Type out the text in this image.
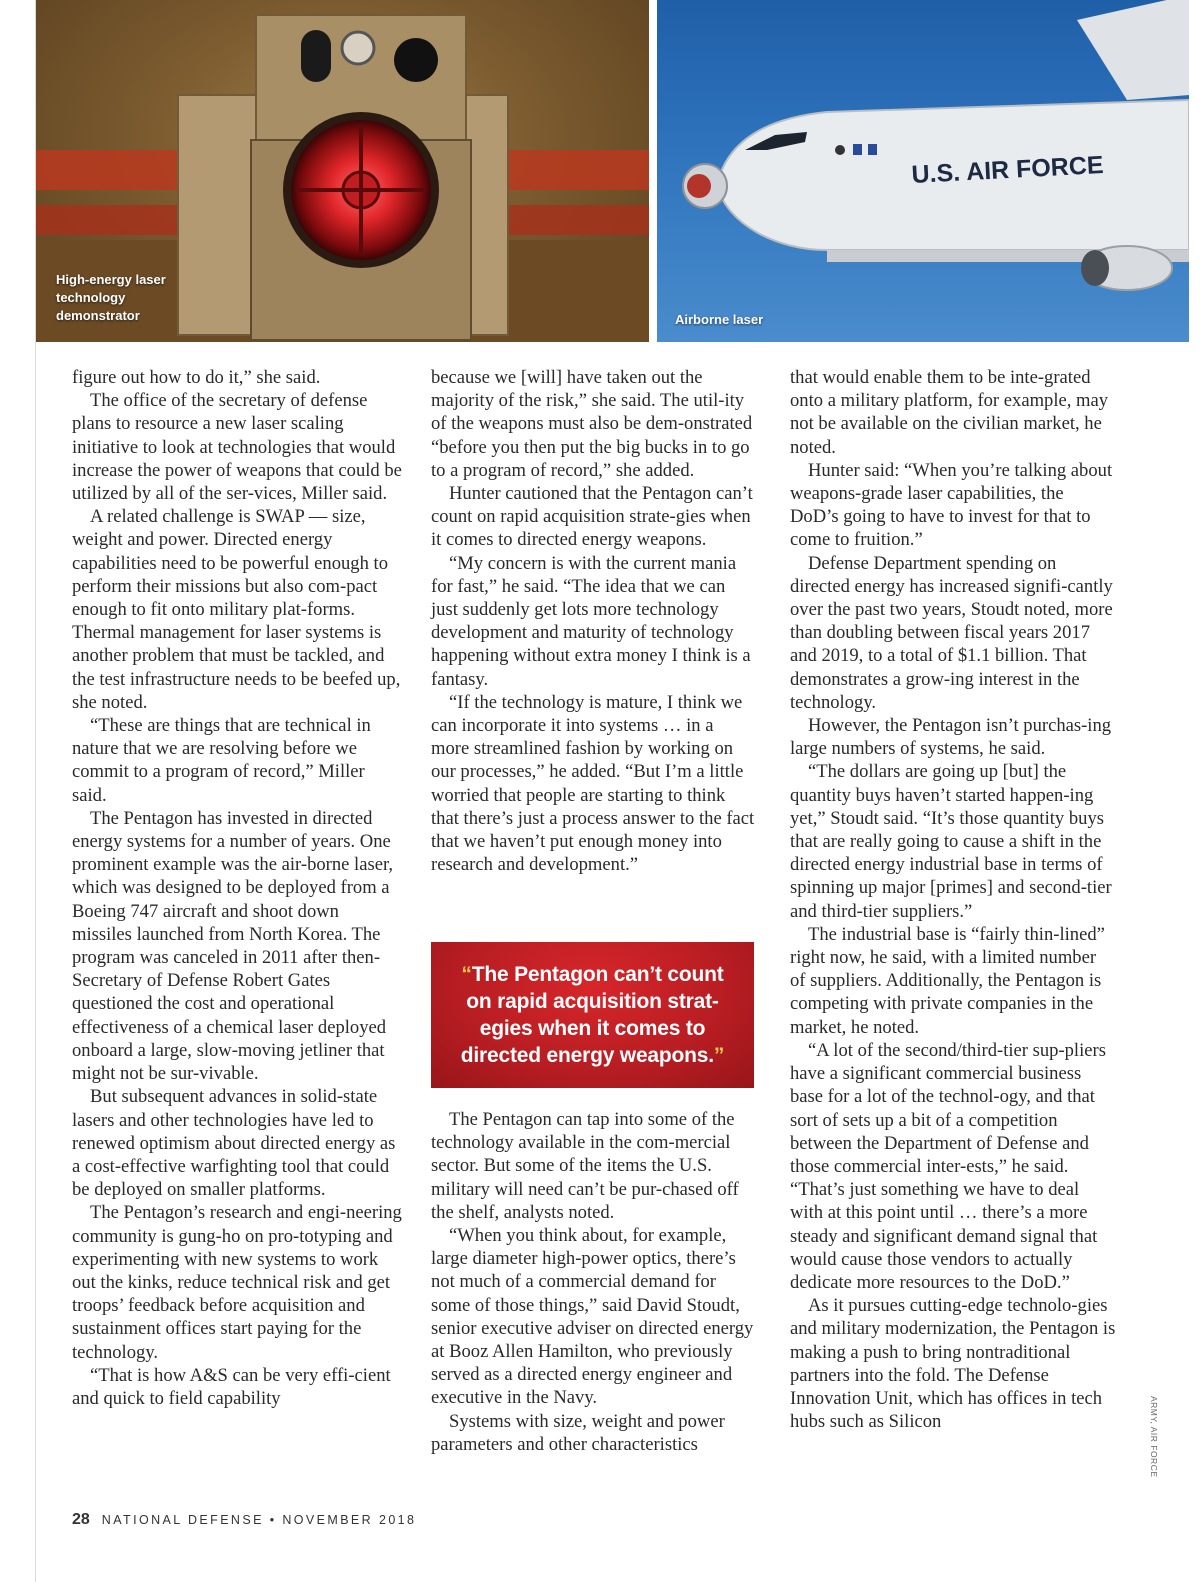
High-energy laser technology demonstrator
U.S. AIR FORCE
Airborne laser

figure out how to do it,” she said.

The office of the secretary of defense plans to resource a new laser scaling initiative to look at technologies that would increase the power of weapons that could be utilized by all of the ser-vices, Miller said.

A related challenge is SWAP — size, weight and power. Directed energy capabilities need to be powerful enough to perform their missions but also com-pact enough to fit onto military plat-forms. Thermal management for laser systems is another problem that must be tackled, and the test infrastructure needs to be beefed up, she noted.

“These are things that are technical in nature that we are resolving before we commit to a program of record,” Miller said.

The Pentagon has invested in directed energy systems for a number of years. One prominent example was the air-borne laser, which was designed to be deployed from a Boeing 747 aircraft and shoot down missiles launched from North Korea. The program was canceled in 2011 after then-Secretary of Defense Robert Gates questioned the cost and operational effectiveness of a chemical laser deployed onboard a large, slow-moving jetliner that might not be sur-vivable.

But subsequent advances in solid-state lasers and other technologies have led to renewed optimism about directed energy as a cost-effective warfighting tool that could be deployed on smaller platforms.

The Pentagon’s research and engi-neering community is gung-ho on pro-totyping and experimenting with new systems to work out the kinks, reduce technical risk and get troops’ feedback before acquisition and sustainment offices start paying for the technology.

“That is how A&S can be very effi-cient and quick to field capability

because we [will] have taken out the majority of the risk,” she said. The util-ity of the weapons must also be dem-onstrated “before you then put the big bucks in to go to a program of record,” she added.

Hunter cautioned that the Pentagon can’t count on rapid acquisition strate-gies when it comes to directed energy weapons.

“My concern is with the current mania for fast,” he said. “The idea that we can just suddenly get lots more technology development and maturity of technology happening without extra money I think is a fantasy.

“If the technology is mature, I think we can incorporate it into systems … in a more streamlined fashion by working on our processes,” he added. “But I’m a little worried that people are starting to think that there’s just a process answer to the fact that we haven’t put enough money into research and development.”

“The Pentagon can’t count on rapid acquisition strat-egies when it comes to directed energy weapons.”

The Pentagon can tap into some of the technology available in the com-mercial sector. But some of the items the U.S. military will need can’t be pur-chased off the shelf, analysts noted.

“When you think about, for example, large diameter high-power optics, there’s not much of a commercial demand for some of those things,” said David Stoudt, senior executive adviser on directed energy at Booz Allen Hamilton, who previously served as a directed energy engineer and executive in the Navy.

Systems with size, weight and power parameters and other characteristics

that would enable them to be inte-grated onto a military platform, for example, may not be available on the civilian market, he noted.

Hunter said: “When you’re talking about weapons-grade laser capabilities, the DoD’s going to have to invest for that to come to fruition.”

Defense Department spending on directed energy has increased signifi-cantly over the past two years, Stoudt noted, more than doubling between fiscal years 2017 and 2019, to a total of $1.1 billion. That demonstrates a grow-ing interest in the technology.

However, the Pentagon isn’t purchas-ing large numbers of systems, he said.

“The dollars are going up [but] the quantity buys haven’t started happen-ing yet,” Stoudt said. “It’s those quantity buys that are really going to cause a shift in the directed energy industrial base in terms of spinning up major [primes] and second-tier and third-tier suppliers.”

The industrial base is “fairly thin-lined” right now, he said, with a limited number of suppliers. Additionally, the Pentagon is competing with private companies in the market, he noted.

“A lot of the second/third-tier sup-pliers have a significant commercial business base for a lot of the technol-ogy, and that sort of sets up a bit of a competition between the Department of Defense and those commercial inter-ests,” he said. “That’s just something we have to deal with at this point until … there’s a more steady and significant demand signal that would cause those vendors to actually dedicate more resources to the DoD.”

As it pursues cutting-edge technolo-gies and military modernization, the Pentagon is making a push to bring nontraditional partners into the fold. The Defense Innovation Unit, which has offices in tech hubs such as Silicon	ARMY, AIR FORCE
28 NATIONAL DEFENSE • NOVEMBER 2018
